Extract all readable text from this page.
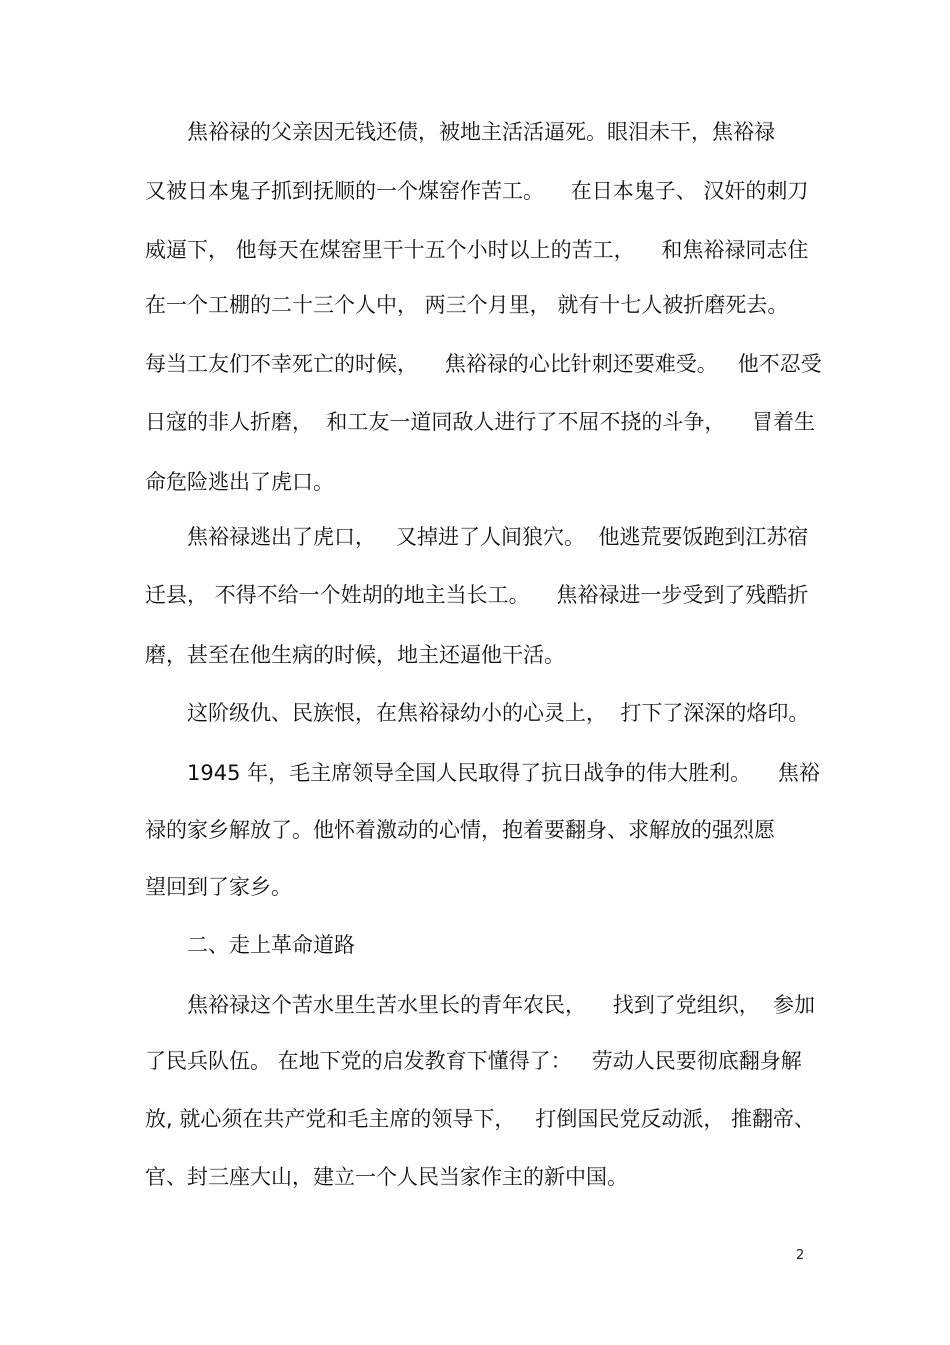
焦裕禄的父亲因无钱还债，被地主活活逼死。眼泪未干，焦裕禄
又被日本鬼子抓到抚顺的一个煤窑作苦工。    在日本鬼子、 汉奸的刺刀
威逼下， 他每天在煤窑里干十五个小时以上的苦工，    和焦裕禄同志住
在一个工棚的二十三个人中， 两三个月里， 就有十七人被折磨死去。
每当工友们不幸死亡的时候，    焦裕禄的心比针刺还要难受。   他不忍受
日寇的非人折磨，  和工友一道同敌人进行了不屈不挠的斗争，    冒着生
命危险逃出了虎口。
焦裕禄逃出了虎口，   又掉进了人间狼穴。  他逃荒要饭跑到江苏宿
迁县， 不得不给一个姓胡的地主当长工。    焦裕禄进一步受到了残酷折
磨，甚至在他生病的时候，地主还逼他干活。
这阶级仇、民族恨，在焦裕禄幼小的心灵上，  打下了深深的烙印。
1945 年，毛主席领导全国人民取得了抗日战争的伟大胜利。    焦裕
禄的家乡解放了。他怀着激动的心情，抱着要翻身、求解放的强烈愿
望回到了家乡。
二、走上革命道路
焦裕禄这个苦水里生苦水里长的青年农民，    找到了党组织，  参加
了民兵队伍。 在地下党的启发教育下懂得了：   劳动人民要彻底翻身解
放, 就心须在共产党和毛主席的领导下，   打倒国民党反动派， 推翻帝、
官、封三座大山，建立一个人民当家作主的新中国。
2
